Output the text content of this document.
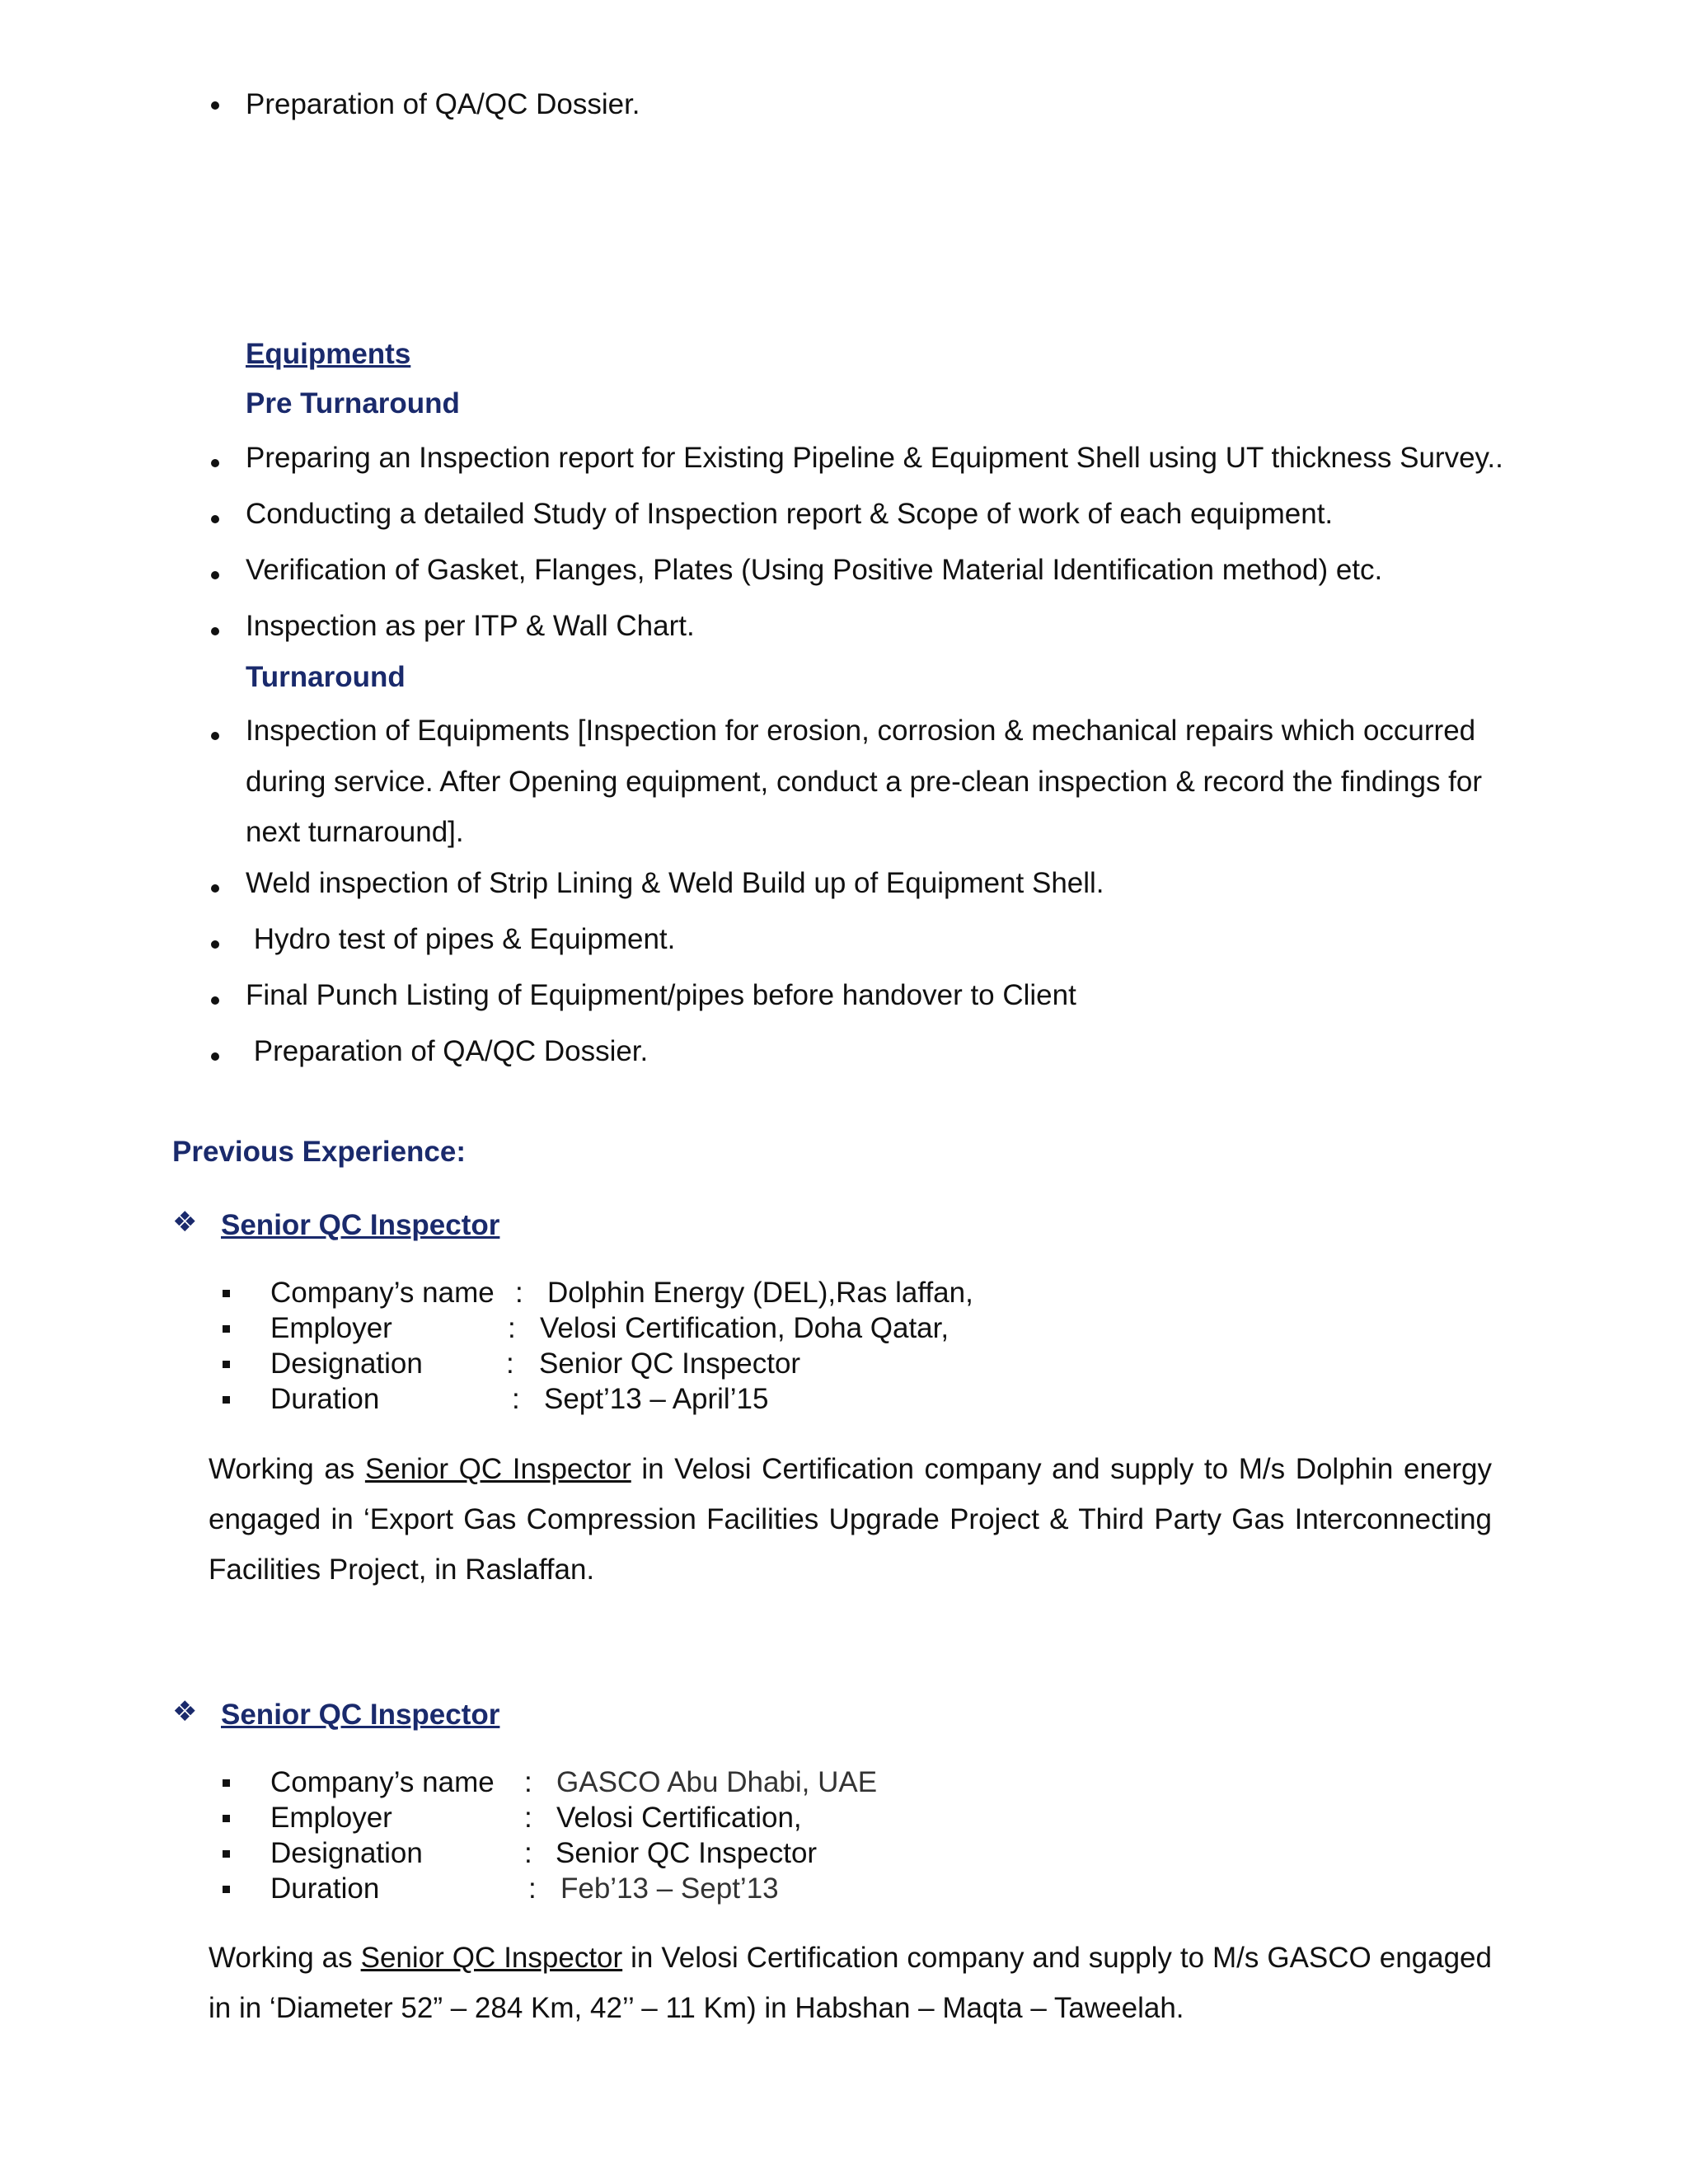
Preparation of QA/QC Dossier.
Equipments
Pre Turnaround
Preparing an Inspection report for Existing Pipeline & Equipment Shell using UT thickness Survey..
Conducting a detailed Study of Inspection report & Scope of work of each equipment.
Verification of Gasket, Flanges, Plates (Using Positive Material Identification method) etc.
Inspection as per ITP & Wall Chart.
Turnaround
Inspection of Equipments [Inspection for erosion, corrosion & mechanical repairs which occurred
during service. After Opening equipment, conduct a pre-clean inspection & record the findings for
next turnaround].
Weld inspection of Strip Lining & Weld Build up of Equipment Shell.
Hydro test of pipes & Equipment.
Final Punch Listing of Equipment/pipes before handover to Client
Preparation of QA/QC Dossier.
Previous Experience:
❖ Senior QC Inspector
Company’s name : Dolphin Energy (DEL),Ras laffan,
Employer	: Velosi Certification, Doha Qatar,
Designation	: Senior QC Inspector
Duration	: Sept’13 – April’15
Working as Senior QC Inspector in Velosi Certification company and supply to M/s Dolphin energy engaged in ‘Export Gas Compression Facilities Upgrade Project & Third Party Gas Interconnecting Facilities Project, in Raslaffan.
❖ Senior QC Inspector
Company’s name : GASCO Abu Dhabi, UAE
Employer	: Velosi Certification,
Designation	: Senior QC Inspector
Duration	: Feb’13 – Sept’13
Working as Senior QC Inspector in Velosi Certification company and supply to M/s GASCO engaged in in ‘Diameter 52” – 284 Km, 42’’ – 11 Km) in Habshan – Maqta – Taweelah.
